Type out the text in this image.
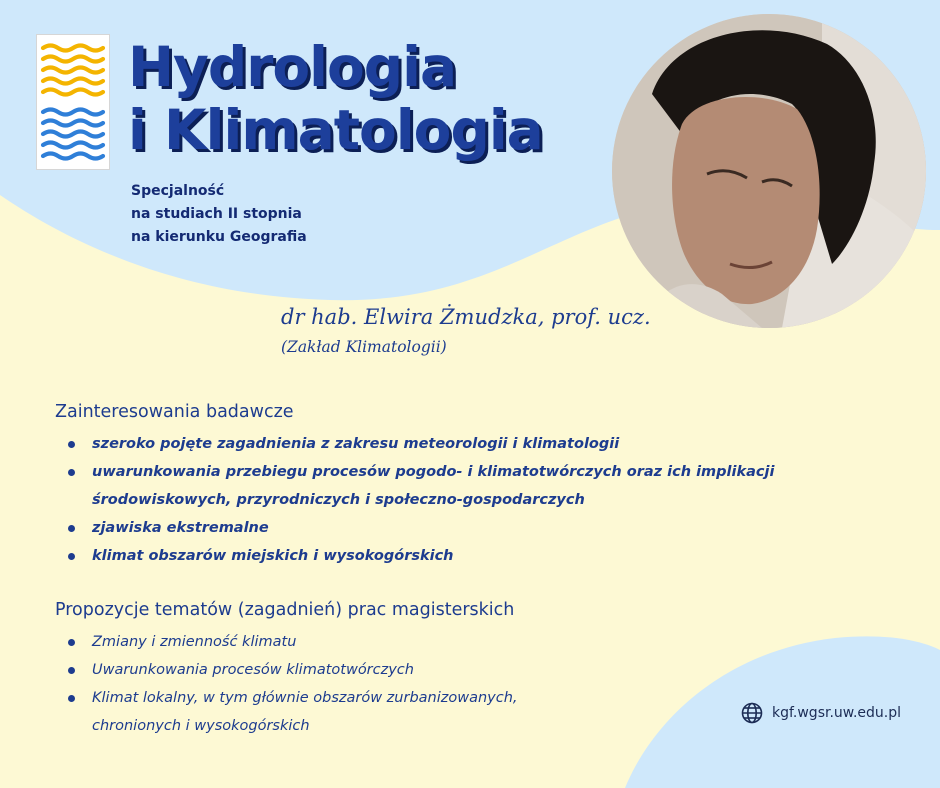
Hydrologia
i Klimatologia
Specjalność
na studiach II stopnia
na kierunku Geografia
dr hab. Elwira Żmudzka, prof. ucz.
(Zakład Klimatologii)
Zainteresowania badawcze
szeroko pojęte zagadnienia z zakresu meteorologii i klimatologii
uwarunkowania przebiegu procesów pogodo- i klimatotwórczych oraz ich implikacji
środowiskowych, przyrodniczych i społeczno-gospodarczych
zjawiska ekstremalne
klimat obszarów miejskich i wysokogórskich
Propozycje tematów (zagadnień) prac magisterskich
Zmiany i zmienność klimatu
Uwarunkowania procesów klimatotwórczych
Klimat lokalny, w tym głównie obszarów zurbanizowanych,
chronionych i wysokogórskich
kgf.wgsr.uw.edu.pl
